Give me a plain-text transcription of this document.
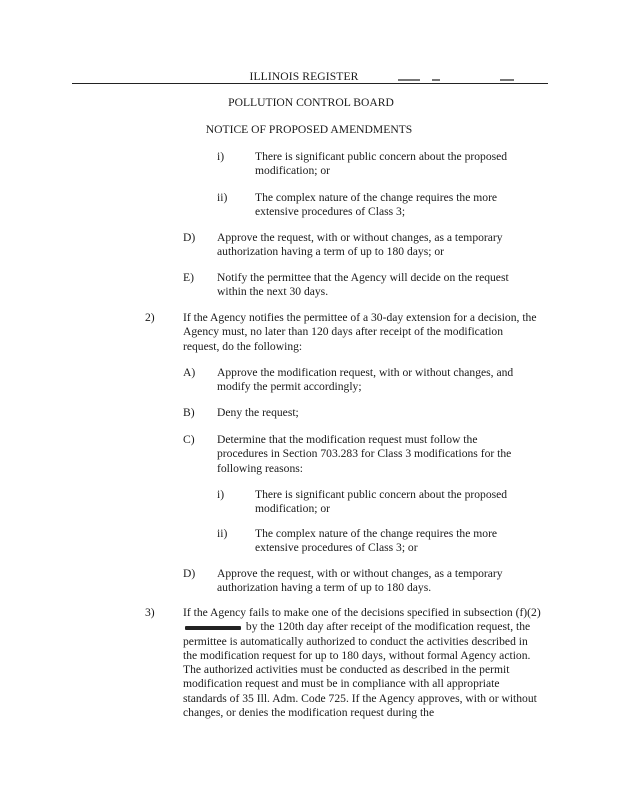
ILLINOIS REGISTER
POLLUTION CONTROL BOARD
NOTICE OF PROPOSED AMENDMENTS
i)	There is significant public concern about the proposed modification; or
ii) The complex nature of the change requires the more extensive procedures of Class 3;
D) Approve the request, with or without changes, as a temporary authorization having a term of up to 180 days; or
E) Notify the permittee that the Agency will decide on the request within the next 30 days.
2) If the Agency notifies the permittee of a 30-day extension for a decision, the Agency must, no later than 120 days after receipt of the modification request, do the following:
A) Approve the modification request, with or without changes, and modify the permit accordingly;
B) Deny the request;
C) Determine that the modification request must follow the procedures in Section 703.283 for Class 3 modifications for the following reasons:
i)	There is significant public concern about the proposed modification; or
ii) The complex nature of the change requires the more extensive procedures of Class 3; or
D) Approve the request, with or without changes, as a temporary authorization having a term of up to 180 days.
3) If the Agency fails to make one of the decisions specified in subsection (f)(2)  by the 120th day after receipt of the modification request, the permittee is automatically authorized to conduct the activities described in the modification request for up to 180 days, without formal Agency action. The authorized activities must be conducted as described in the permit modification request and must be in compliance with all appropriate standards of 35 Ill. Adm. Code 725. If the Agency approves, with or without changes, or denies the modification request during the
